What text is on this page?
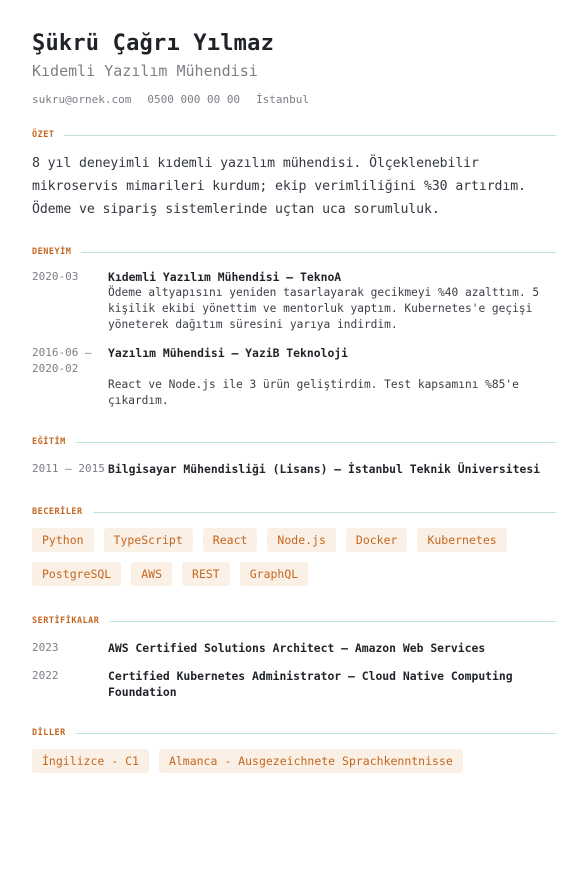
Şükrü Çağrı Yılmaz
Kıdemli Yazılım Mühendisi
sukru@ornek.com 0500 000 00 00 İstanbul
ÖZET
8 yıl deneyimli kıdemli yazılım mühendisi. Ölçeklenebilir mikroservis mimarileri kurdum; ekip verimliliğini %30 artırdım. Ödeme ve sipariş sistemlerinde uçtan uca sorumluluk.
DENEYİM
2020-03	Kıdemli Yazılım Mühendisi — TeknoA
Ödeme altyapısını yeniden tasarlayarak gecikmeyi %40 azalttım. 5 kişilik ekibi yönettim ve mentorluk yaptım. Kubernetes'e geçişi yöneterek dağıtım süresini yarıya indirdim.
2016-06 – 2020-02
Yazılım Mühendisi — YaziB Teknoloji
React ve Node.js ile 3 ürün geliştirdim. Test kapsamını %85'e çıkardım.
EĞİTİM
2011 – 2015 Bilgisayar Mühendisliği (Lisans) — İstanbul Teknik Üniversitesi
BECERİLER
Python	TypeScript	React	Node.js	Docker	Kubernetes
PostgreSQL	AWS	REST	GraphQL
SERTİFİKALAR
2023	AWS Certified Solutions Architect — Amazon Web Services
2022	Certified Kubernetes Administrator — Cloud Native Computing Foundation
DİLLER
İngilizce - C1	Almanca - Ausgezeichnete Sprachkenntnisse
